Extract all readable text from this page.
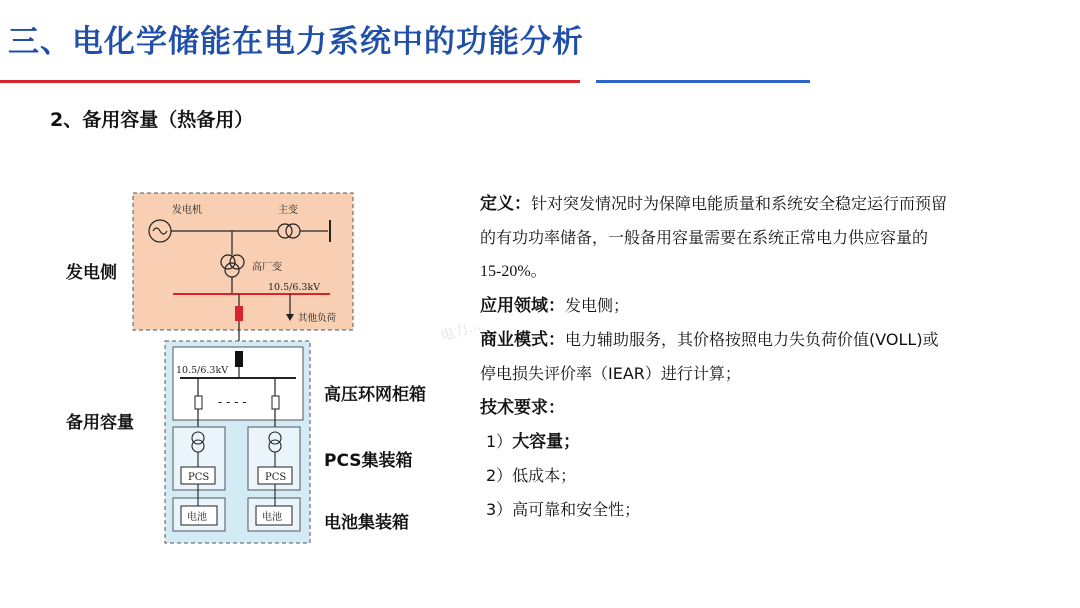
三、电化学储能在电力系统中的功能分析
2、备用容量（热备用）
发电侧
备用容量
高压环网柜箱
PCS集装箱
电池集装箱
发电机	主变
高厂变
10.5/6.3kV
其他负荷
10.5/6.3kV
- - - -
PCS	PCS
电池	电池
电力...
定义：针对突发情况时为保障电能质量和系统安全稳定运行而预留
的有功功率储备，一般备用容量需要在系统正常电力供应容量的
15-20%。
应用领域：发电侧；
商业模式：电力辅助服务，其价格按照电力失负荷价值(VOLL)或
停电损失评价率（IEAR）进行计算；
技术要求：
1）大容量；
2）低成本；
3）高可靠和安全性；
